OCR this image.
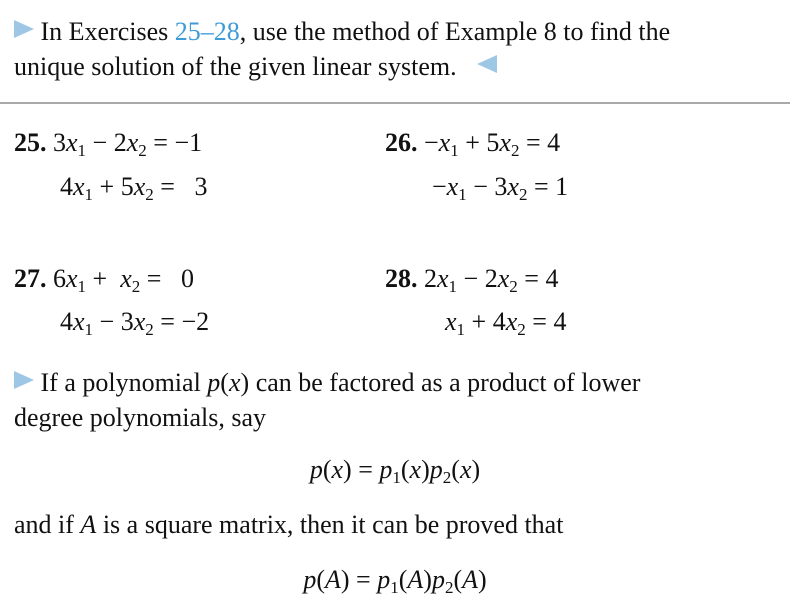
In Exercises 25–28, use the method of Example 8 to find the
unique solution of the given linear system.
25. $3x_1 - 2x_2 = -1$
$4x_1 + 5x_2 = 3$
26. $-x_1 + 5x_2 = 4$
$-x_1 - 3x_2 = 1$
27. $6x_1 + x_2 = 0$
$4x_1 - 3x_2 = -2$
28. $2x_1 - 2x_2 = 4$
$x_1 + 4x_2 = 4$
If a polynomial p(x) can be factored as a product of lower
degree polynomials, say
$p(x) = p_1(x)p_2(x)$
and if A is a square matrix, then it can be proved that
$p(A) = p_1(A)p_2(A)$
